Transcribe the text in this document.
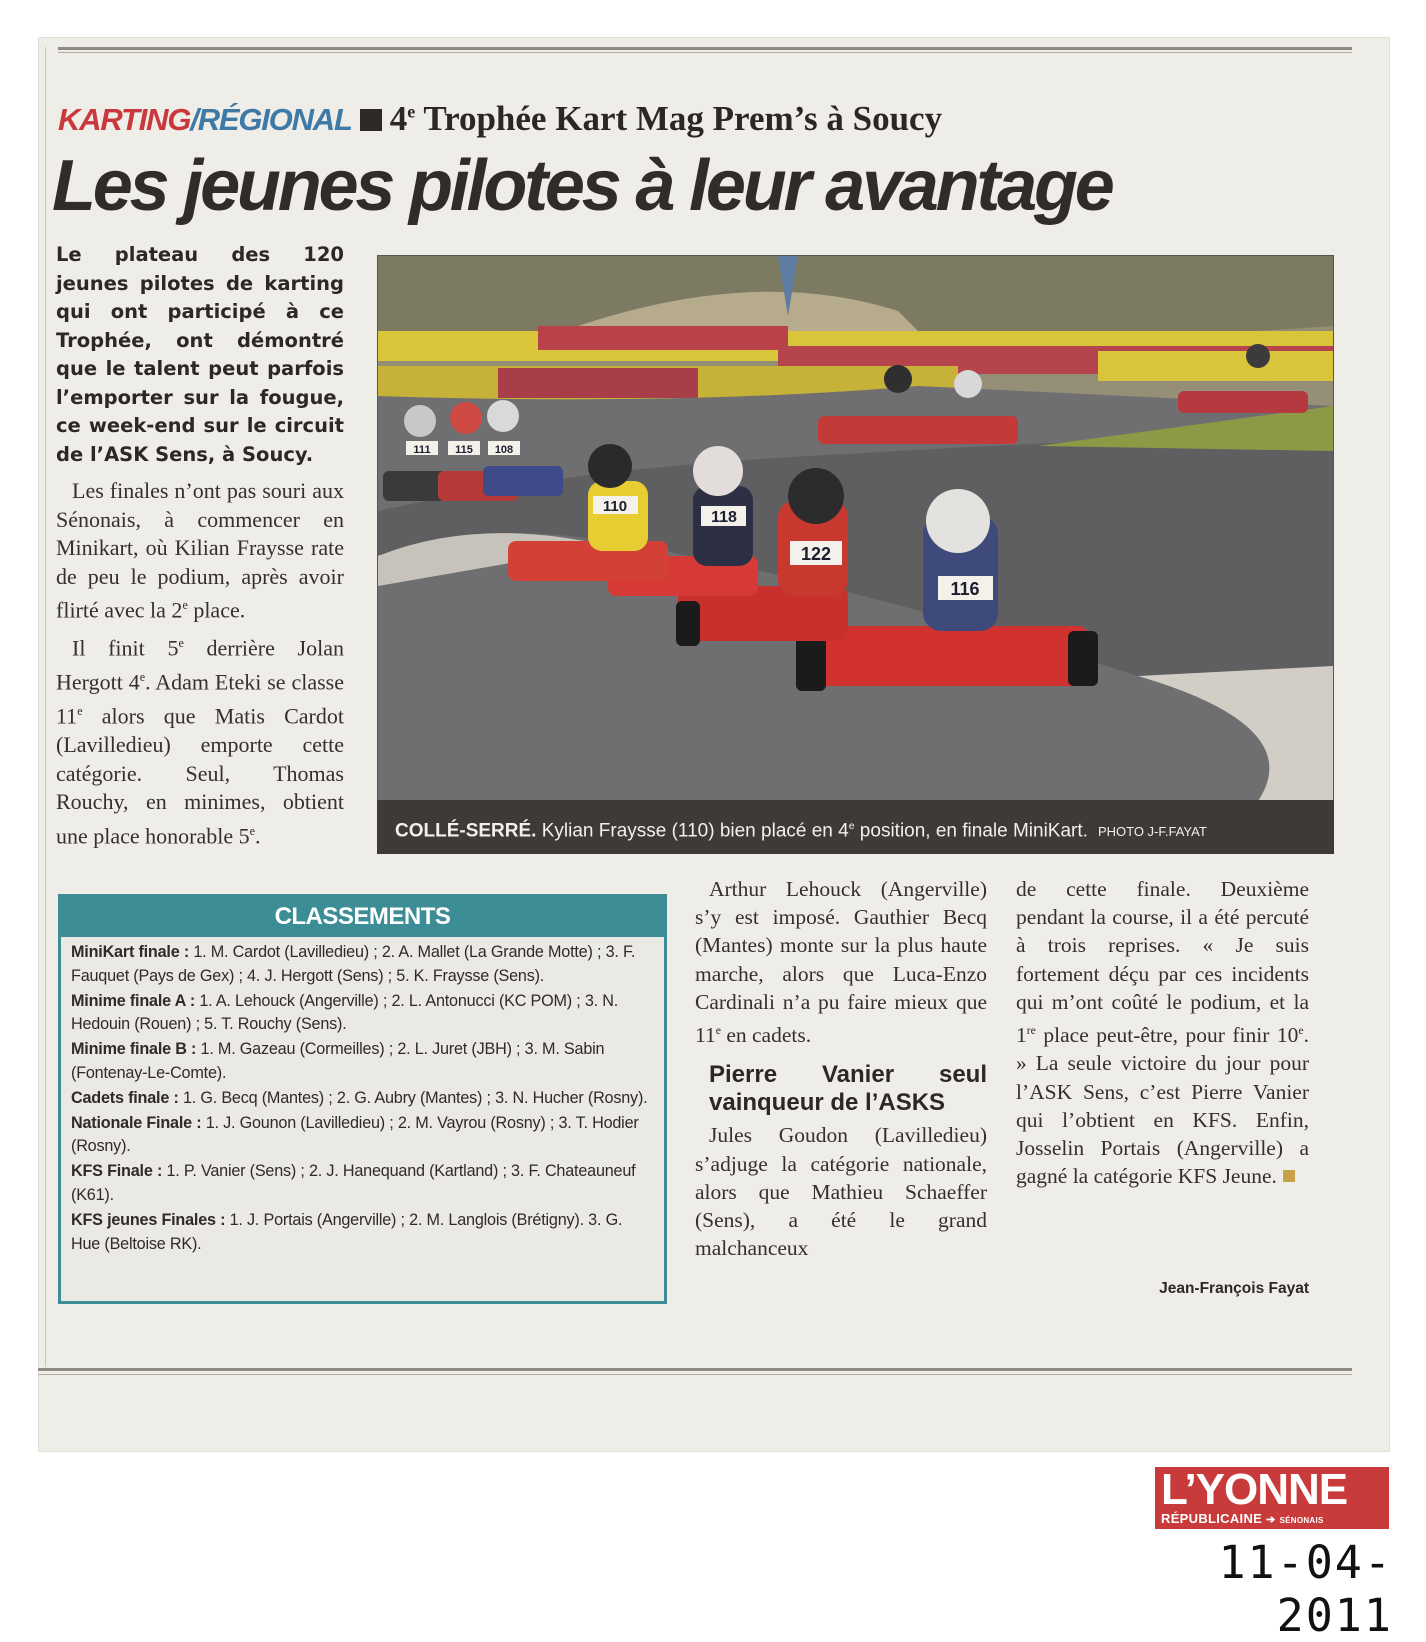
KARTING/RÉGIONAL 4e Trophée Kart Mag Prem’s à Soucy
Les jeunes pilotes à leur avantage

Le plateau des 120 jeunes pilotes de karting qui ont participé à ce Trophée, ont démontré que le talent peut parfois l’emporter sur la fougue, ce week-end sur le circuit de l’ASK Sens, à Soucy.

Les finales n’ont pas souri aux Sénonais, à commencer en Minikart, où Kilian Fraysse rate de peu le podium, après avoir flirté avec la 2e place.

Il finit 5e derrière Jolan Hergott 4e. Adam Eteki se classe 11e alors que Matis Cardot (Lavilledieu) emporte cette catégorie. Seul, Thomas Rouchy, en minimes, obtient une place honorable 5e.

116
122
118
110
111 115 108
COLLÉ-SERRÉ. Kylian Fraysse (110) bien placé en 4e position, en finale MiniKart. PHOTO J-F.FAYAT
CLASSEMENTS

MiniKart finale : 1. M. Cardot (Lavilledieu) ; 2. A. Mallet (La Grande Motte) ; 3. F. Fauquet (Pays de Gex) ; 4. J. Hergott (Sens) ; 5. K. Fraysse (Sens).

Minime finale A : 1. A. Lehouck (Angerville) ; 2. L. Antonucci (KC POM) ; 3. N. Hedouin (Rouen) ; 5. T. Rouchy (Sens).

Minime finale B : 1. M. Gazeau (Cormeilles) ; 2. L. Juret (JBH) ; 3. M. Sabin (Fontenay-Le-Comte).

Cadets finale : 1. G. Becq (Mantes) ; 2. G. Aubry (Mantes) ; 3. N. Hucher (Rosny).

Nationale Finale : 1. J. Gounon (Lavilledieu) ; 2. M. Vayrou (Rosny) ; 3. T. Hodier (Rosny).

KFS Finale : 1. P. Vanier (Sens) ; 2. J. Hanequand (Kartland) ; 3. F. Chateauneuf (K61).

KFS jeunes Finales : 1. J. Portais (Angerville) ; 2. M. Langlois (Brétigny). 3. G. Hue (Beltoise RK).

Arthur Lehouck (Angerville) s’y est imposé. Gauthier Becq (Mantes) monte sur la plus haute marche, alors que Luca-Enzo Cardinali n’a pu faire mieux que 11e en cadets.

Pierre Vanier seul vainqueur de l’ASKS

Jules Goudon (Lavilledieu) s’adjuge la catégorie nationale, alors que Mathieu Schaeffer (Sens), a été le grand malchanceux

de cette finale. Deuxième pendant la course, il a été percuté à trois reprises. « Je suis fortement déçu par ces incidents qui m’ont coûté le podium, et la 1re place peut-être, pour finir 10e. » La seule victoire du jour pour l’ASK Sens, c’est Pierre Vanier qui l’obtient en KFS. Enfin, Josselin Portais (Angerville) a gagné la catégorie KFS Jeune.

Jean-François Fayat
L’YONNE
RÉPUBLICAINE ➔ SÉNONAIS
11-04-2011
